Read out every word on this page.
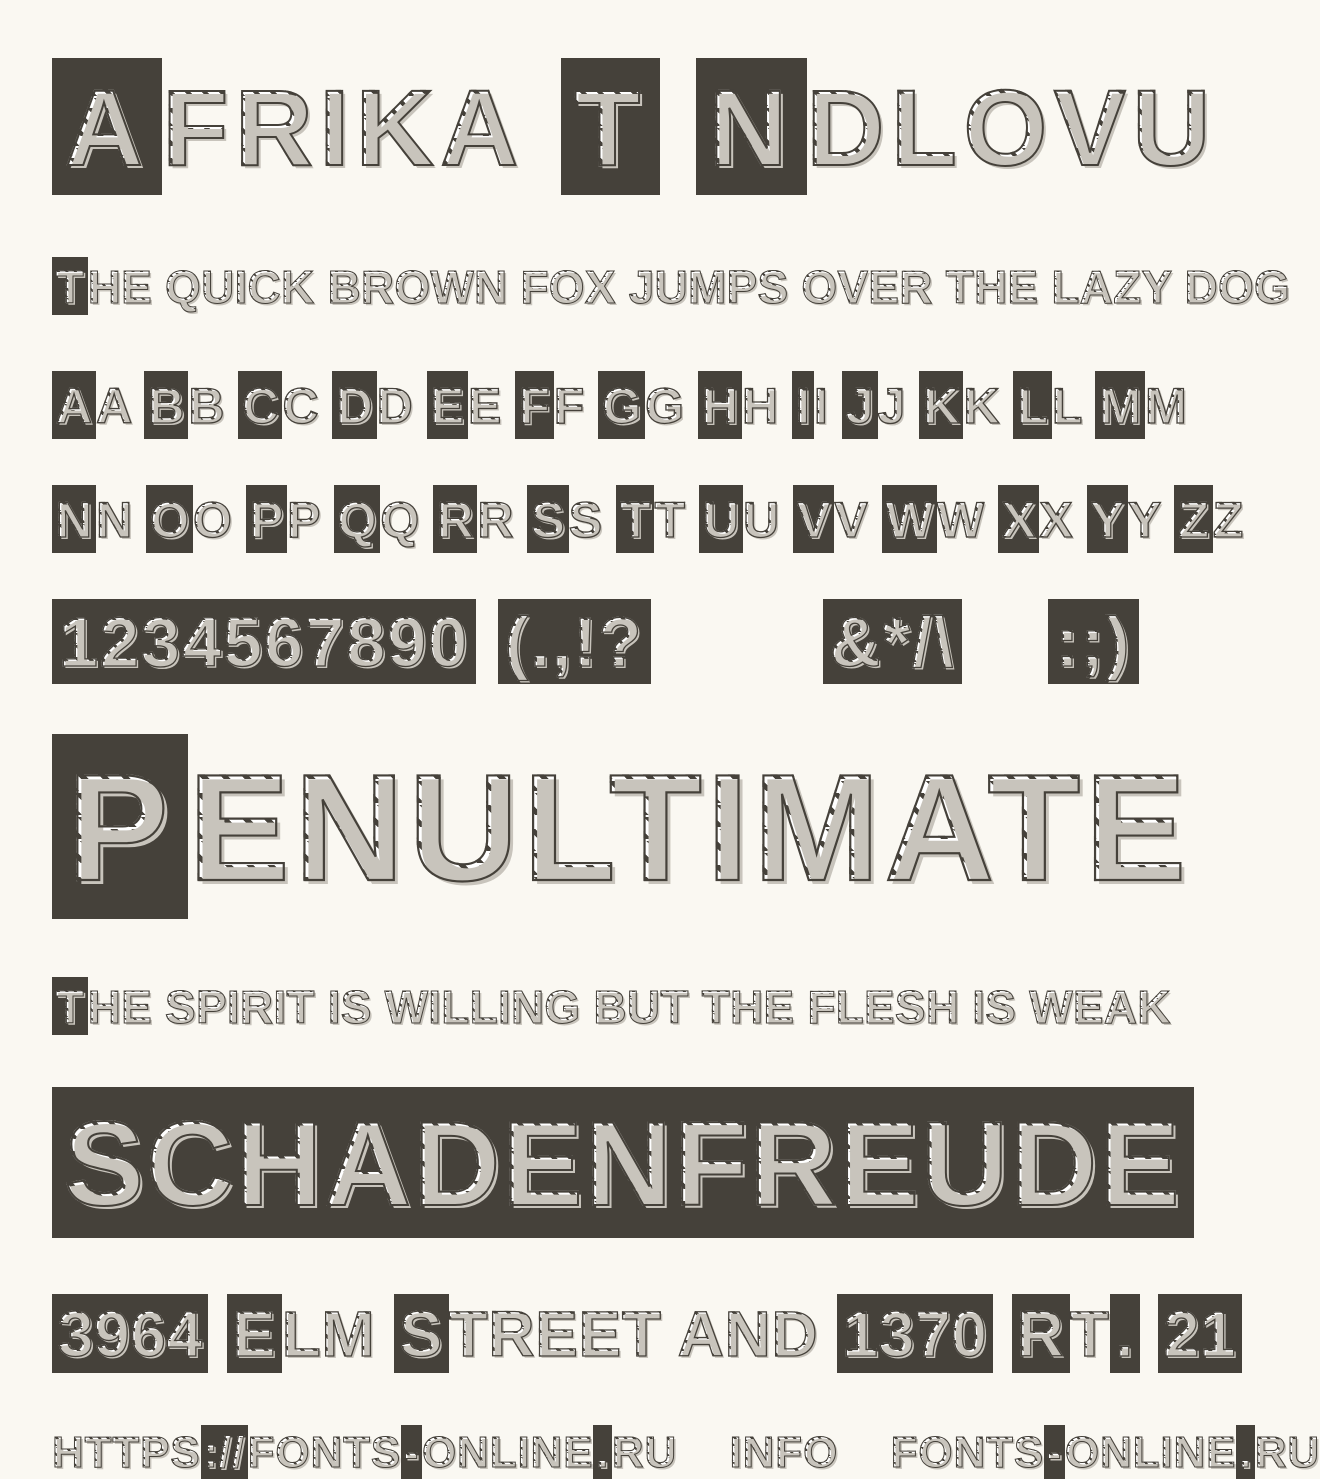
A FRIKA T N DLOVU
THE QUICK BROWN FOX JUMPS OVER THE LAZY DOG
AA BB CC DD EE FF GG HH II JJ KK LL MM
NN OO PP QQ RR SS TT UU VV WW XX YY ZZ
1234567890 (.,!?	&*/\ :;)
PENULTIMATE
THE SPIRIT IS WILLING BUT THE FLESH IS WEAK
SCHADENFREUDE
3964 ELM STREET AND 1370 RT. 21
HTTPS://FONTS-ONLINE.RU INFO FONTS-ONLINE.RU
